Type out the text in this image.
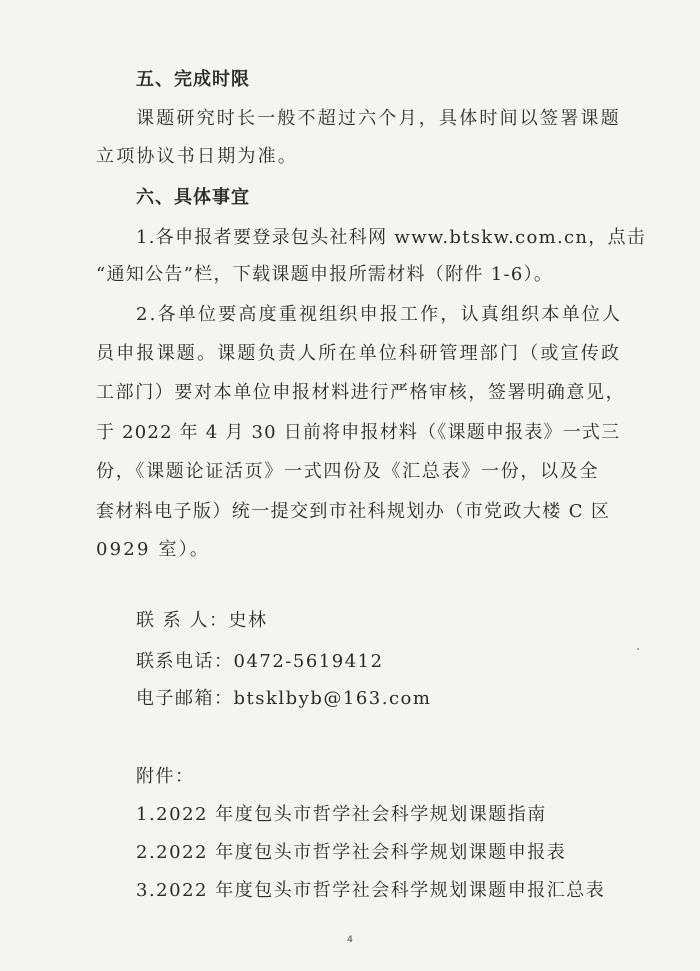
五、完成时限
课题研究时长一般不超过六个月，具体时间以签署课题
立项协议书日期为准。
六、具体事宜
1.各申报者要登录包头社科网 www.btskw.com.cn，点击
“通知公告”栏，下载课题申报所需材料（附件 1-6）。
2.各单位要高度重视组织申报工作，认真组织本单位人
员申报课题。课题负责人所在单位科研管理部门（或宣传政
工部门）要对本单位申报材料进行严格审核，签署明确意见，
于 2022 年 4 月 30 日前将申报材料（《课题申报表》一式三
份，《课题论证活页》一式四份及《汇总表》一份，以及全
套材料电子版）统一提交到市社科规划办（市党政大楼 C 区
0929 室）。
联 系 人：史林
联系电话：0472-5619412
电子邮箱：btsklbyb@163.com
附件：
1.2022 年度包头市哲学社会科学规划课题指南
2.2022 年度包头市哲学社会科学规划课题申报表
3.2022 年度包头市哲学社会科学规划课题申报汇总表
4
